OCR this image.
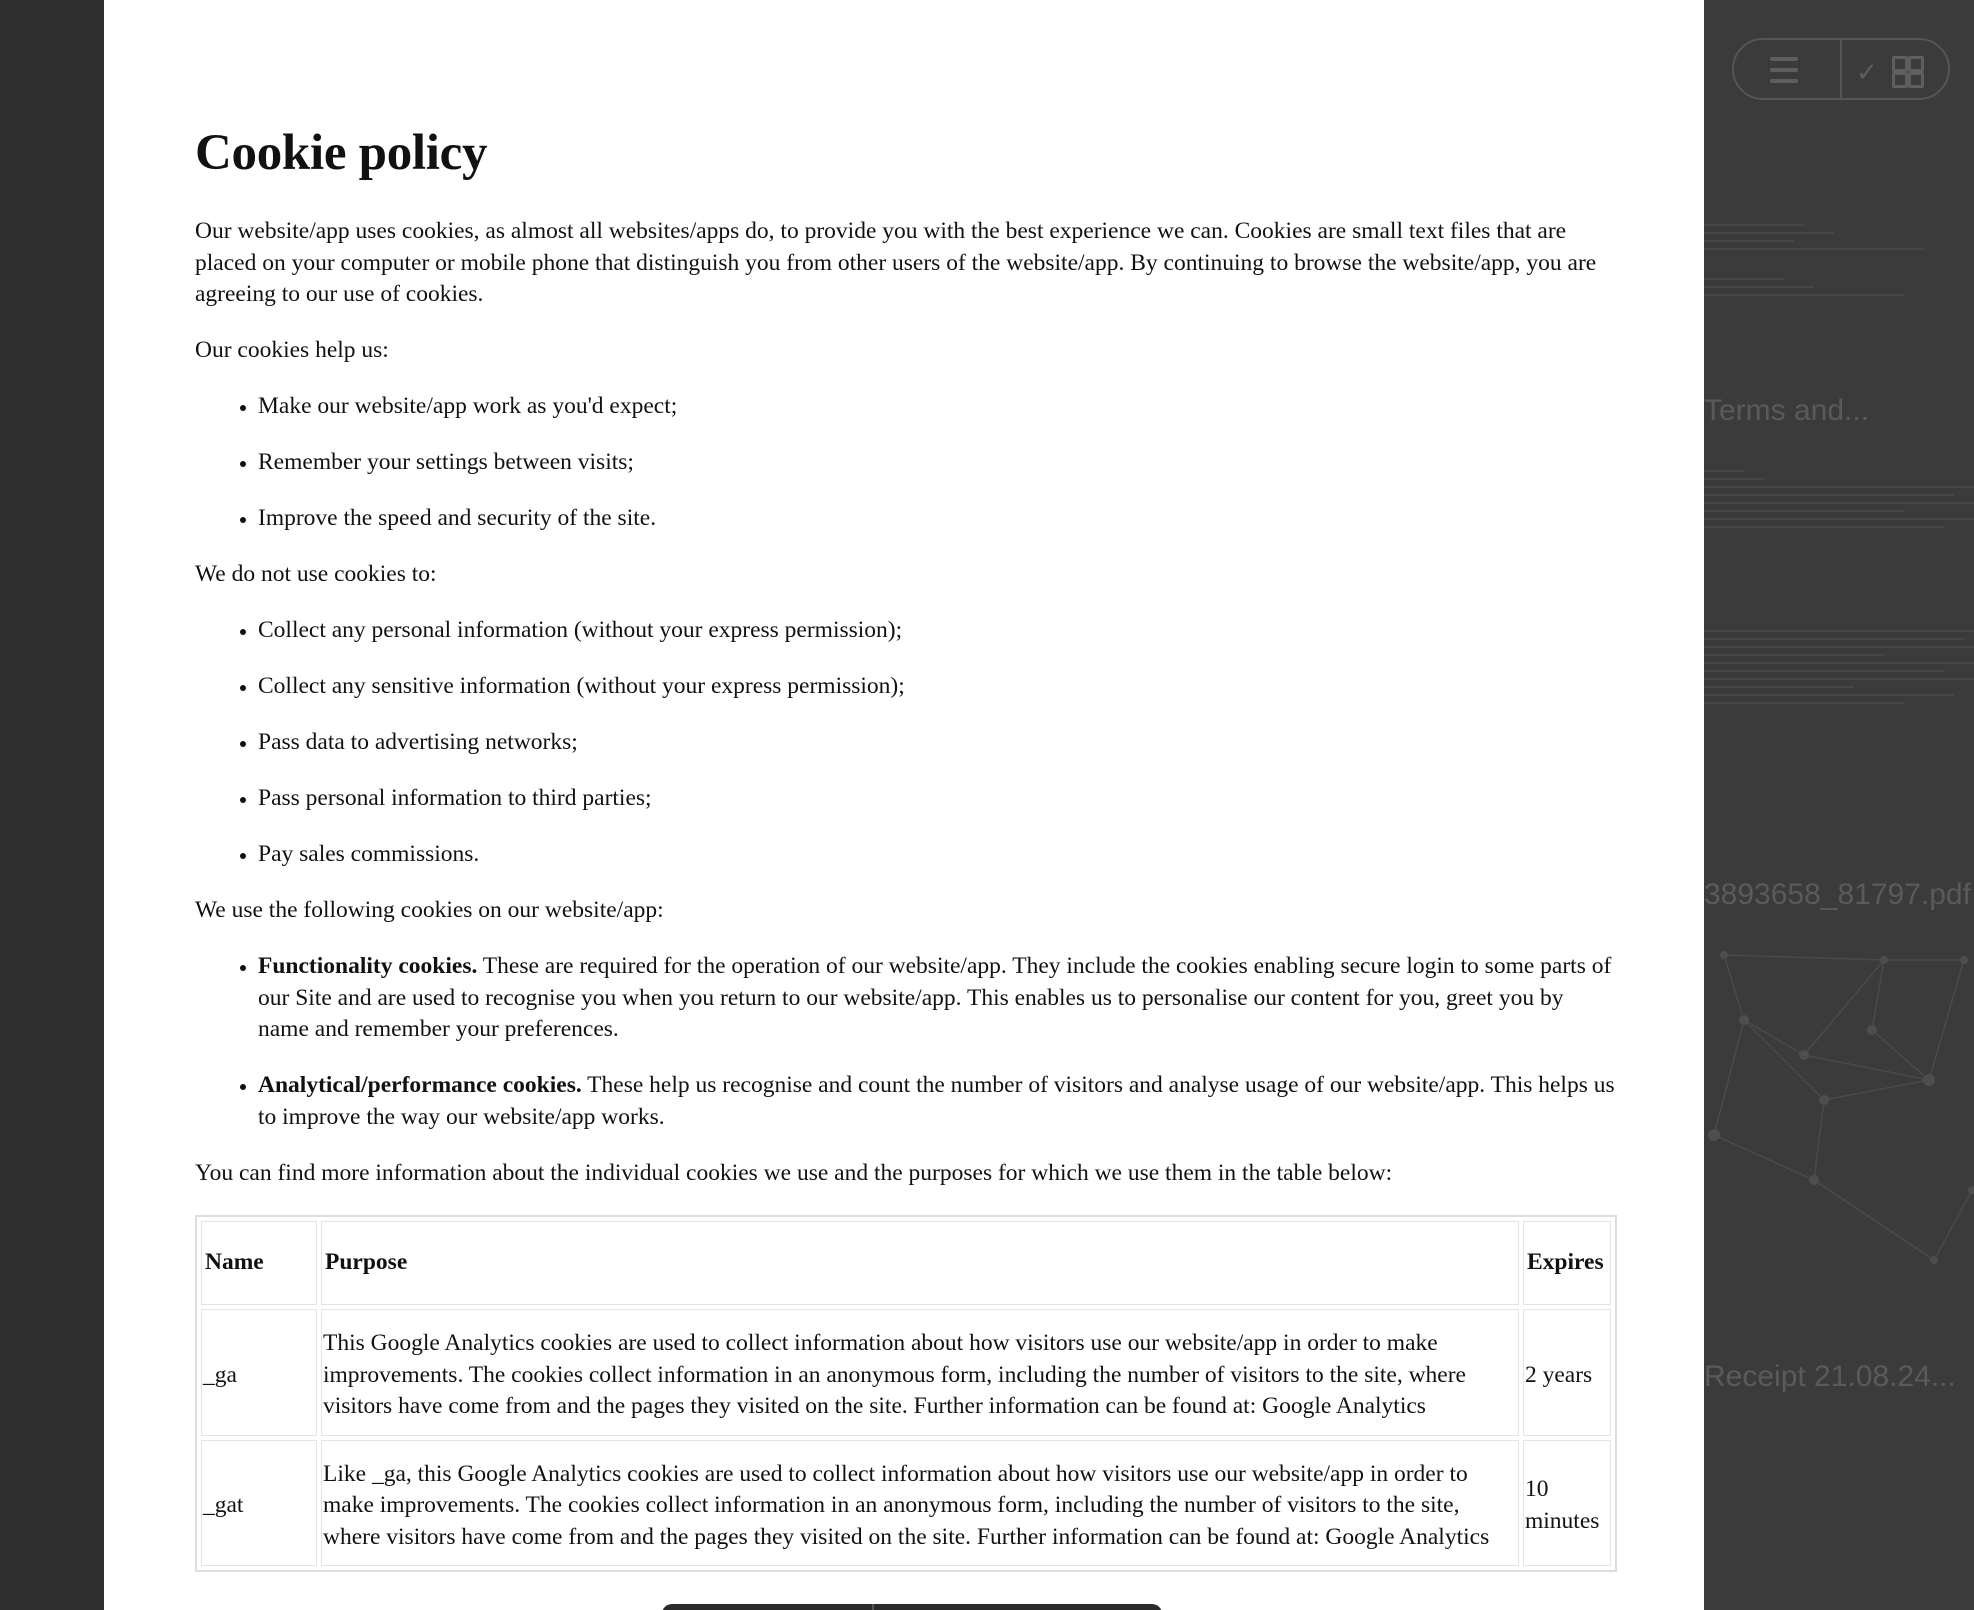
✓
Terms and...
3893658_81797.pdf
Receipt 21.08.24...
Cookie policy

Our website/app uses cookies, as almost all websites/apps do, to provide you with the best experience we can. Cookies are small text files that are placed on your computer or mobile phone that distinguish you from other users of the website/app. By continuing to browse the website/app, you are agreeing to our use of cookies.

Our cookies help us:

• Make our website/app work as you'd expect;
• Remember your settings between visits;
• Improve the speed and security of the site.

We do not use cookies to:

• Collect any personal information (without your express permission);
• Collect any sensitive information (without your express permission);
• Pass data to advertising networks;
• Pass personal information to third parties;
• Pay sales commissions.

We use the following cookies on our website/app:

• Functionality cookies. These are required for the operation of our website/app. They include the cookies enabling secure login to some parts of our Site and are used to recognise you when you return to our website/app. This enables us to personalise our content for you, greet you by name and remember your preferences.
• Analytical/performance cookies. These help us recognise and count the number of visitors and analyse usage of our website/app. This helps us to improve the way our website/app works.

You can find more information about the individual cookies we use and the purposes for which we use them in the table below:

Name	Purpose	Expires
_ga	This Google Analytics cookies are used to collect information about how visitors use our website/app in order to make improvements. The cookies collect information in an anonymous form, including the number of visitors to the site, where visitors have come from and the pages they visited on the site. Further information can be found at: Google Analytics	2 years
_gat	Like _ga, this Google Analytics cookies are used to collect information about how visitors use our website/app in order to make improvements. The cookies collect information in an anonymous form, including the number of visitors to the site, where visitors have come from and the pages they visited on the site. Further information can be found at: Google Analytics	10 minutes
